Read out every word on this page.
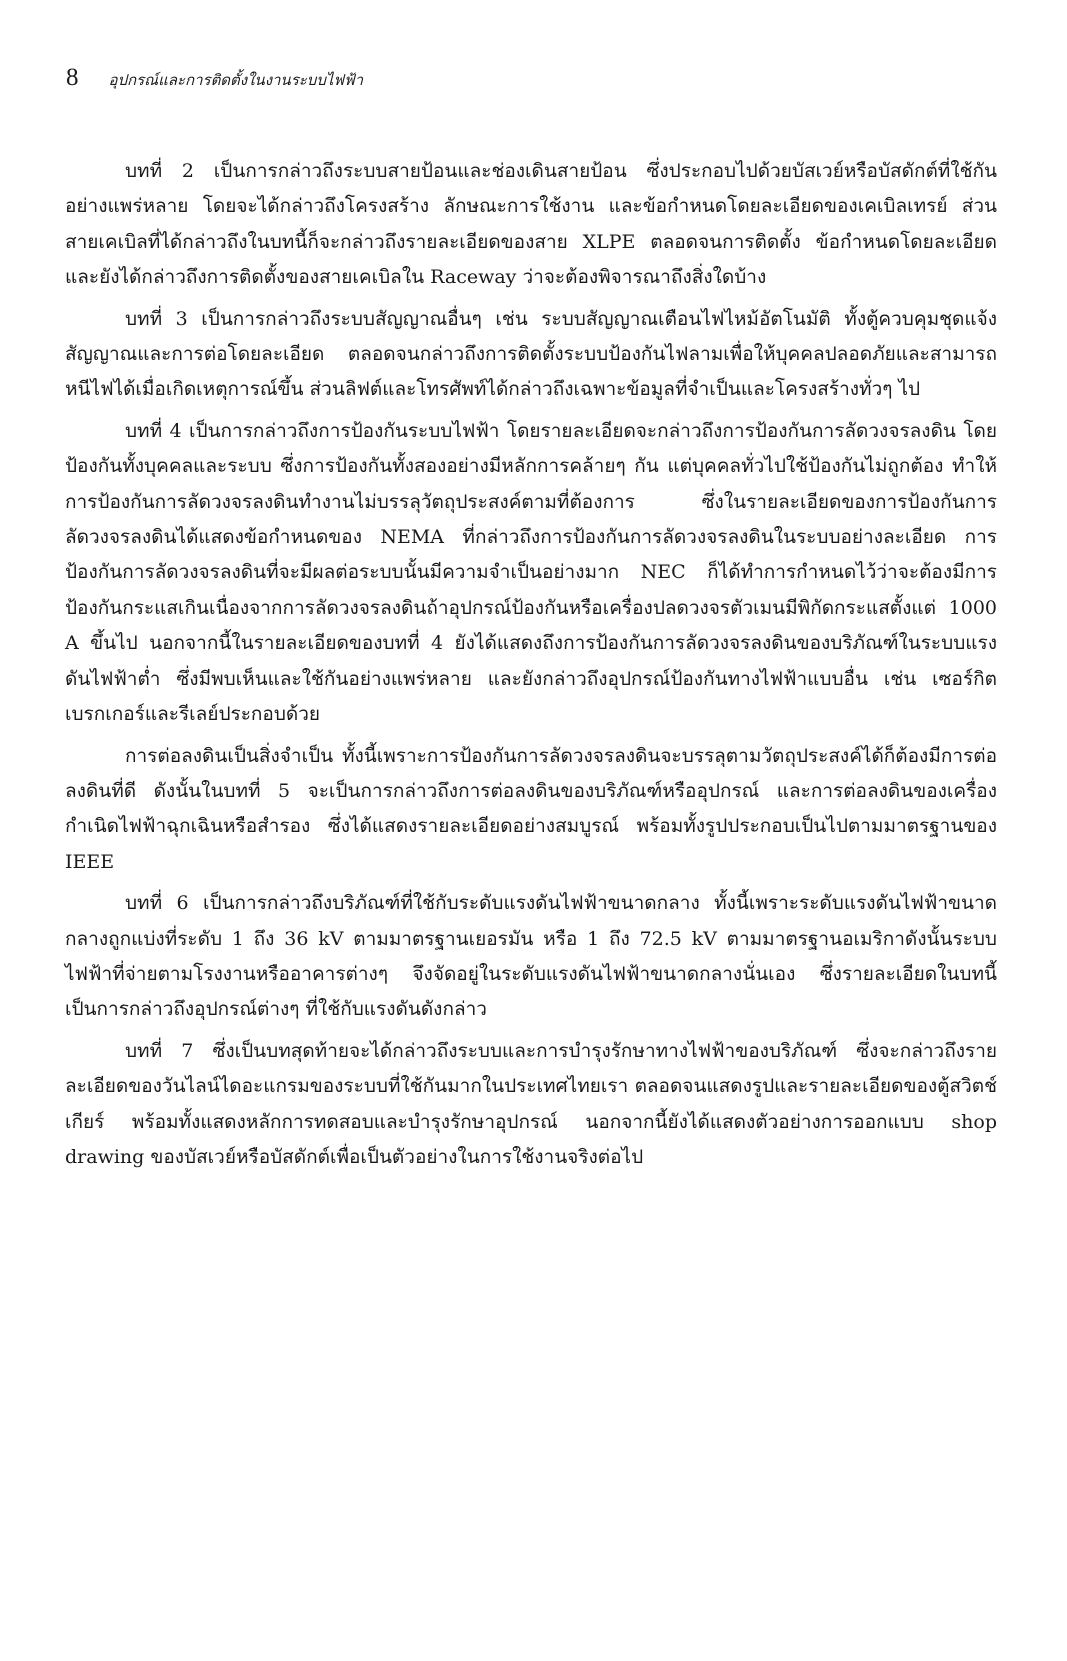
8 อุปกรณ์และการติดตั้งในงานระบบไฟฟ้า

บทที่ 2 เป็นการกล่าวถึงระบบสายป้อนและช่องเดินสายป้อน ซึ่งประกอบไปด้วยบัสเวย์หรือบัสดักต์ที่ใช้กันอย่างแพร่หลาย โดยจะได้กล่าวถึงโครงสร้าง ลักษณะการใช้งาน และข้อกำหนดโดยละเอียดของเคเบิลเทรย์ ส่วนสายเคเบิลที่ได้กล่าวถึงในบทนี้ก็จะกล่าวถึงรายละเอียดของสาย XLPE ตลอดจนการติดตั้ง ข้อกำหนดโดยละเอียด และยังได้กล่าวถึงการติดตั้งของสายเคเบิลใน Raceway ว่าจะต้องพิจารณาถึงสิ่งใดบ้าง

บทที่ 3 เป็นการกล่าวถึงระบบสัญญาณอื่นๆ เช่น ระบบสัญญาณเตือนไฟไหม้อัตโนมัติ ทั้งตู้ควบคุมชุดแจ้งสัญญาณและการต่อโดยละเอียด ตลอดจนกล่าวถึงการติดตั้งระบบป้องกันไฟลามเพื่อให้บุคคลปลอดภัยและสามารถหนีไฟได้เมื่อเกิดเหตุการณ์ขึ้น ส่วนลิฟต์และโทรศัพท์ได้กล่าวถึงเฉพาะข้อมูลที่จำเป็นและโครงสร้างทั่วๆ ไป

บทที่ 4 เป็นการกล่าวถึงการป้องกันระบบไฟฟ้า โดยรายละเอียดจะกล่าวถึงการป้องกันการลัดวงจรลงดิน โดยป้องกันทั้งบุคคลและระบบ ซึ่งการป้องกันทั้งสองอย่างมีหลักการคล้ายๆ กัน แต่บุคคลทั่วไปใช้ป้องกันไม่ถูกต้อง ทำให้การป้องกันการลัดวงจรลงดินทำงานไม่บรรลุวัตถุประสงค์ตามที่ต้องการ ซึ่งในรายละเอียดของการป้องกันการลัดวงจรลงดินได้แสดงข้อกำหนดของ NEMA ที่กล่าวถึงการป้องกันการลัดวงจรลงดินในระบบอย่างละเอียด การป้องกันการลัดวงจรลงดินที่จะมีผลต่อระบบนั้นมีความจำเป็นอย่างมาก NEC ก็ได้ทำการกำหนดไว้ว่าจะต้องมีการป้องกันกระแสเกินเนื่องจากการลัดวงจรลงดินถ้าอุปกรณ์ป้องกันหรือเครื่องปลดวงจรตัวเมนมีพิกัดกระแสตั้งแต่ 1000 A ขึ้นไป นอกจากนี้ในรายละเอียดของบทที่ 4 ยังได้แสดงถึงการป้องกันการลัดวงจรลงดินของบริภัณฑ์ในระบบแรงดันไฟฟ้าต่ำ ซึ่งมีพบเห็นและใช้กันอย่างแพร่หลาย และยังกล่าวถึงอุปกรณ์ป้องกันทางไฟฟ้าแบบอื่น เช่น เซอร์กิตเบรกเกอร์และรีเลย์ประกอบด้วย

การต่อลงดินเป็นสิ่งจำเป็น ทั้งนี้เพราะการป้องกันการลัดวงจรลงดินจะบรรลุตามวัตถุประสงค์ได้ก็ต้องมีการต่อลงดินที่ดี ดังนั้นในบทที่ 5 จะเป็นการกล่าวถึงการต่อลงดินของบริภัณฑ์หรืออุปกรณ์ และการต่อลงดินของเครื่องกำเนิดไฟฟ้าฉุกเฉินหรือสำรอง ซึ่งได้แสดงรายละเอียดอย่างสมบูรณ์ พร้อมทั้งรูปประกอบเป็นไปตามมาตรฐานของ IEEE

บทที่ 6 เป็นการกล่าวถึงบริภัณฑ์ที่ใช้กับระดับแรงดันไฟฟ้าขนาดกลาง ทั้งนี้เพราะระดับแรงดันไฟฟ้าขนาดกลางถูกแบ่งที่ระดับ 1 ถึง 36 kV ตามมาตรฐานเยอรมัน หรือ 1 ถึง 72.5 kV ตามมาตรฐานอเมริกาดังนั้นระบบไฟฟ้าที่จ่ายตามโรงงานหรืออาคารต่างๆ จึงจัดอยู่ในระดับแรงดันไฟฟ้าขนาดกลางนั่นเอง ซึ่งรายละเอียดในบทนี้เป็นการกล่าวถึงอุปกรณ์ต่างๆ ที่ใช้กับแรงดันดังกล่าว

บทที่ 7 ซึ่งเป็นบทสุดท้ายจะได้กล่าวถึงระบบและการบำรุงรักษาทางไฟฟ้าของบริภัณฑ์ ซึ่งจะกล่าวถึงรายละเอียดของวันไลน์ไดอะแกรมของระบบที่ใช้กันมากในประเทศไทยเรา ตลอดจนแสดงรูปและรายละเอียดของตู้สวิตช์เกียร์ พร้อมทั้งแสดงหลักการทดสอบและบำรุงรักษาอุปกรณ์ นอกจากนี้ยังได้แสดงตัวอย่างการออกแบบ shop drawing ของบัสเวย์หรือบัสดักต์เพื่อเป็นตัวอย่างในการใช้งานจริงต่อไป
